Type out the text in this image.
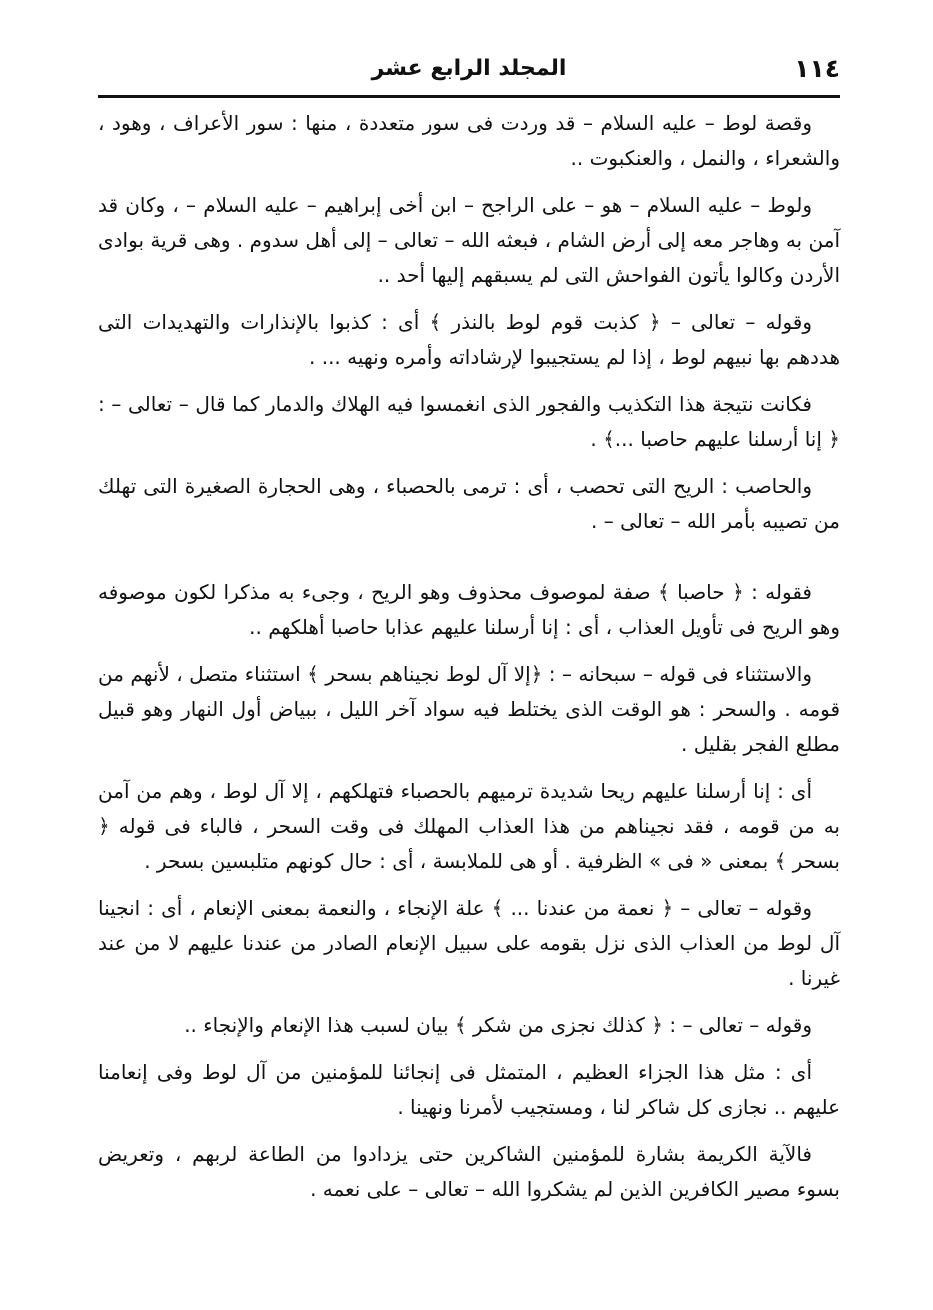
١١٤
المجلد الرابع عشر

وقصة لوط – عليه السلام – قد وردت فى سور متعددة ، منها : سور الأعراف ، وهود ، والشعراء ، والنمل ، والعنكبوت ..

ولوط – عليه السلام – هو – على الراجح – ابن أخى إبراهيم – عليه السلام – ، وكان قد آمن به وهاجر معه إلى أرض الشام ، فبعثه الله – تعالى – إلى أهل سدوم . وهى قرية بوادى الأردن وكالوا يأتون الفواحش التى لم يسبقهم إليها أحد ..

وقوله – تعالى – ﴿ كذبت قوم لوط بالنذر ﴾ أى : كذبوا بالإنذارات والتهديدات التى هددهم بها نبيهم لوط ، إذا لم يستجيبوا لإرشاداته وأمره ونهيه ... .

فكانت نتيجة هذا التكذيب والفجور الذى انغمسوا فيه الهلاك والدمار كما قال – تعالى – : ﴿ إنا أرسلنا عليهم حاصبا ...﴾ .

والحاصب : الريح التى تحصب ، أى : ترمى بالحصباء ، وهى الحجارة الصغيرة التى تهلك من تصيبه بأمر الله – تعالى – .

فقوله : ﴿ حاصبا ﴾ صفة لموصوف محذوف وهو الريح ، وجىء به مذكرا لكون موصوفه وهو الريح فى تأويل العذاب ، أى : إنا أرسلنا عليهم عذابا حاصبا أهلكهم ..

والاستثناء فى قوله – سبحانه – : ﴿إلا آل لوط نجيناهم بسحر ﴾ استثناء متصل ، لأنهم من قومه . والسحر : هو الوقت الذى يختلط فيه سواد آخر الليل ، ببياض أول النهار وهو قبيل مطلع الفجر بقليل .

أى : إنا أرسلنا عليهم ريحا شديدة ترميهم بالحصباء فتهلكهم ، إلا آل لوط ، وهم من آمن به من قومه ، فقد نجيناهم من هذا العذاب المهلك فى وقت السحر ، فالباء فى قوله ﴿ بسحر ﴾ بمعنى « فى » الظرفية . أو هى للملابسة ، أى : حال كونهم متلبسين بسحر .

وقوله – تعالى – ﴿ نعمة من عندنا ... ﴾ علة الإنجاء ، والنعمة بمعنى الإنعام ، أى : انجينا آل لوط من العذاب الذى نزل بقومه على سبيل الإنعام الصادر من عندنا عليهم لا من عند غيرنا .

وقوله – تعالى – : ﴿ كذلك نجزى من شكر ﴾ بيان لسبب هذا الإنعام والإنجاء ..

أى : مثل هذا الجزاء العظيم ، المتمثل فى إنجائنا للمؤمنين من آل لوط وفى إنعامنا عليهم .. نجازى كل شاكر لنا ، ومستجيب لأمرنا ونهينا .

فالآية الكريمة بشارة للمؤمنين الشاكرين حتى يزدادوا من الطاعة لربهم ، وتعريض بسوء مصير الكافرين الذين لم يشكروا الله – تعالى – على نعمه .
